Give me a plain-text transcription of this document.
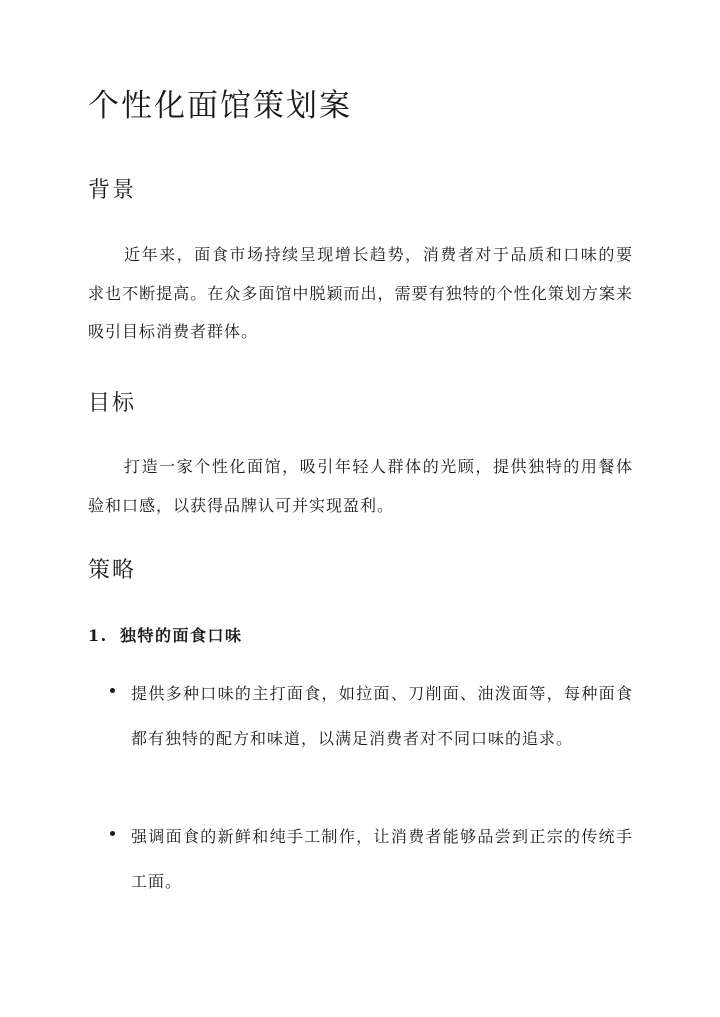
个性化面馆策划案
背景

近年来，面食市场持续呈现增长趋势，消费者对于品质和口味的要求也不断提高。在众多面馆中脱颖而出，需要有独特的个性化策划方案来吸引目标消费者群体。

目标

打造一家个性化面馆，吸引年轻人群体的光顾，提供独特的用餐体验和口感，以获得品牌认可并实现盈利。

策略
1. 独特的面食口味

提供多种口味的主打面食，如拉面、刀削面、油泼面等，每种面食都有独特的配方和味道，以满足消费者对不同口味的追求。

强调面食的新鲜和纯手工制作，让消费者能够品尝到正宗的传统手工面。
